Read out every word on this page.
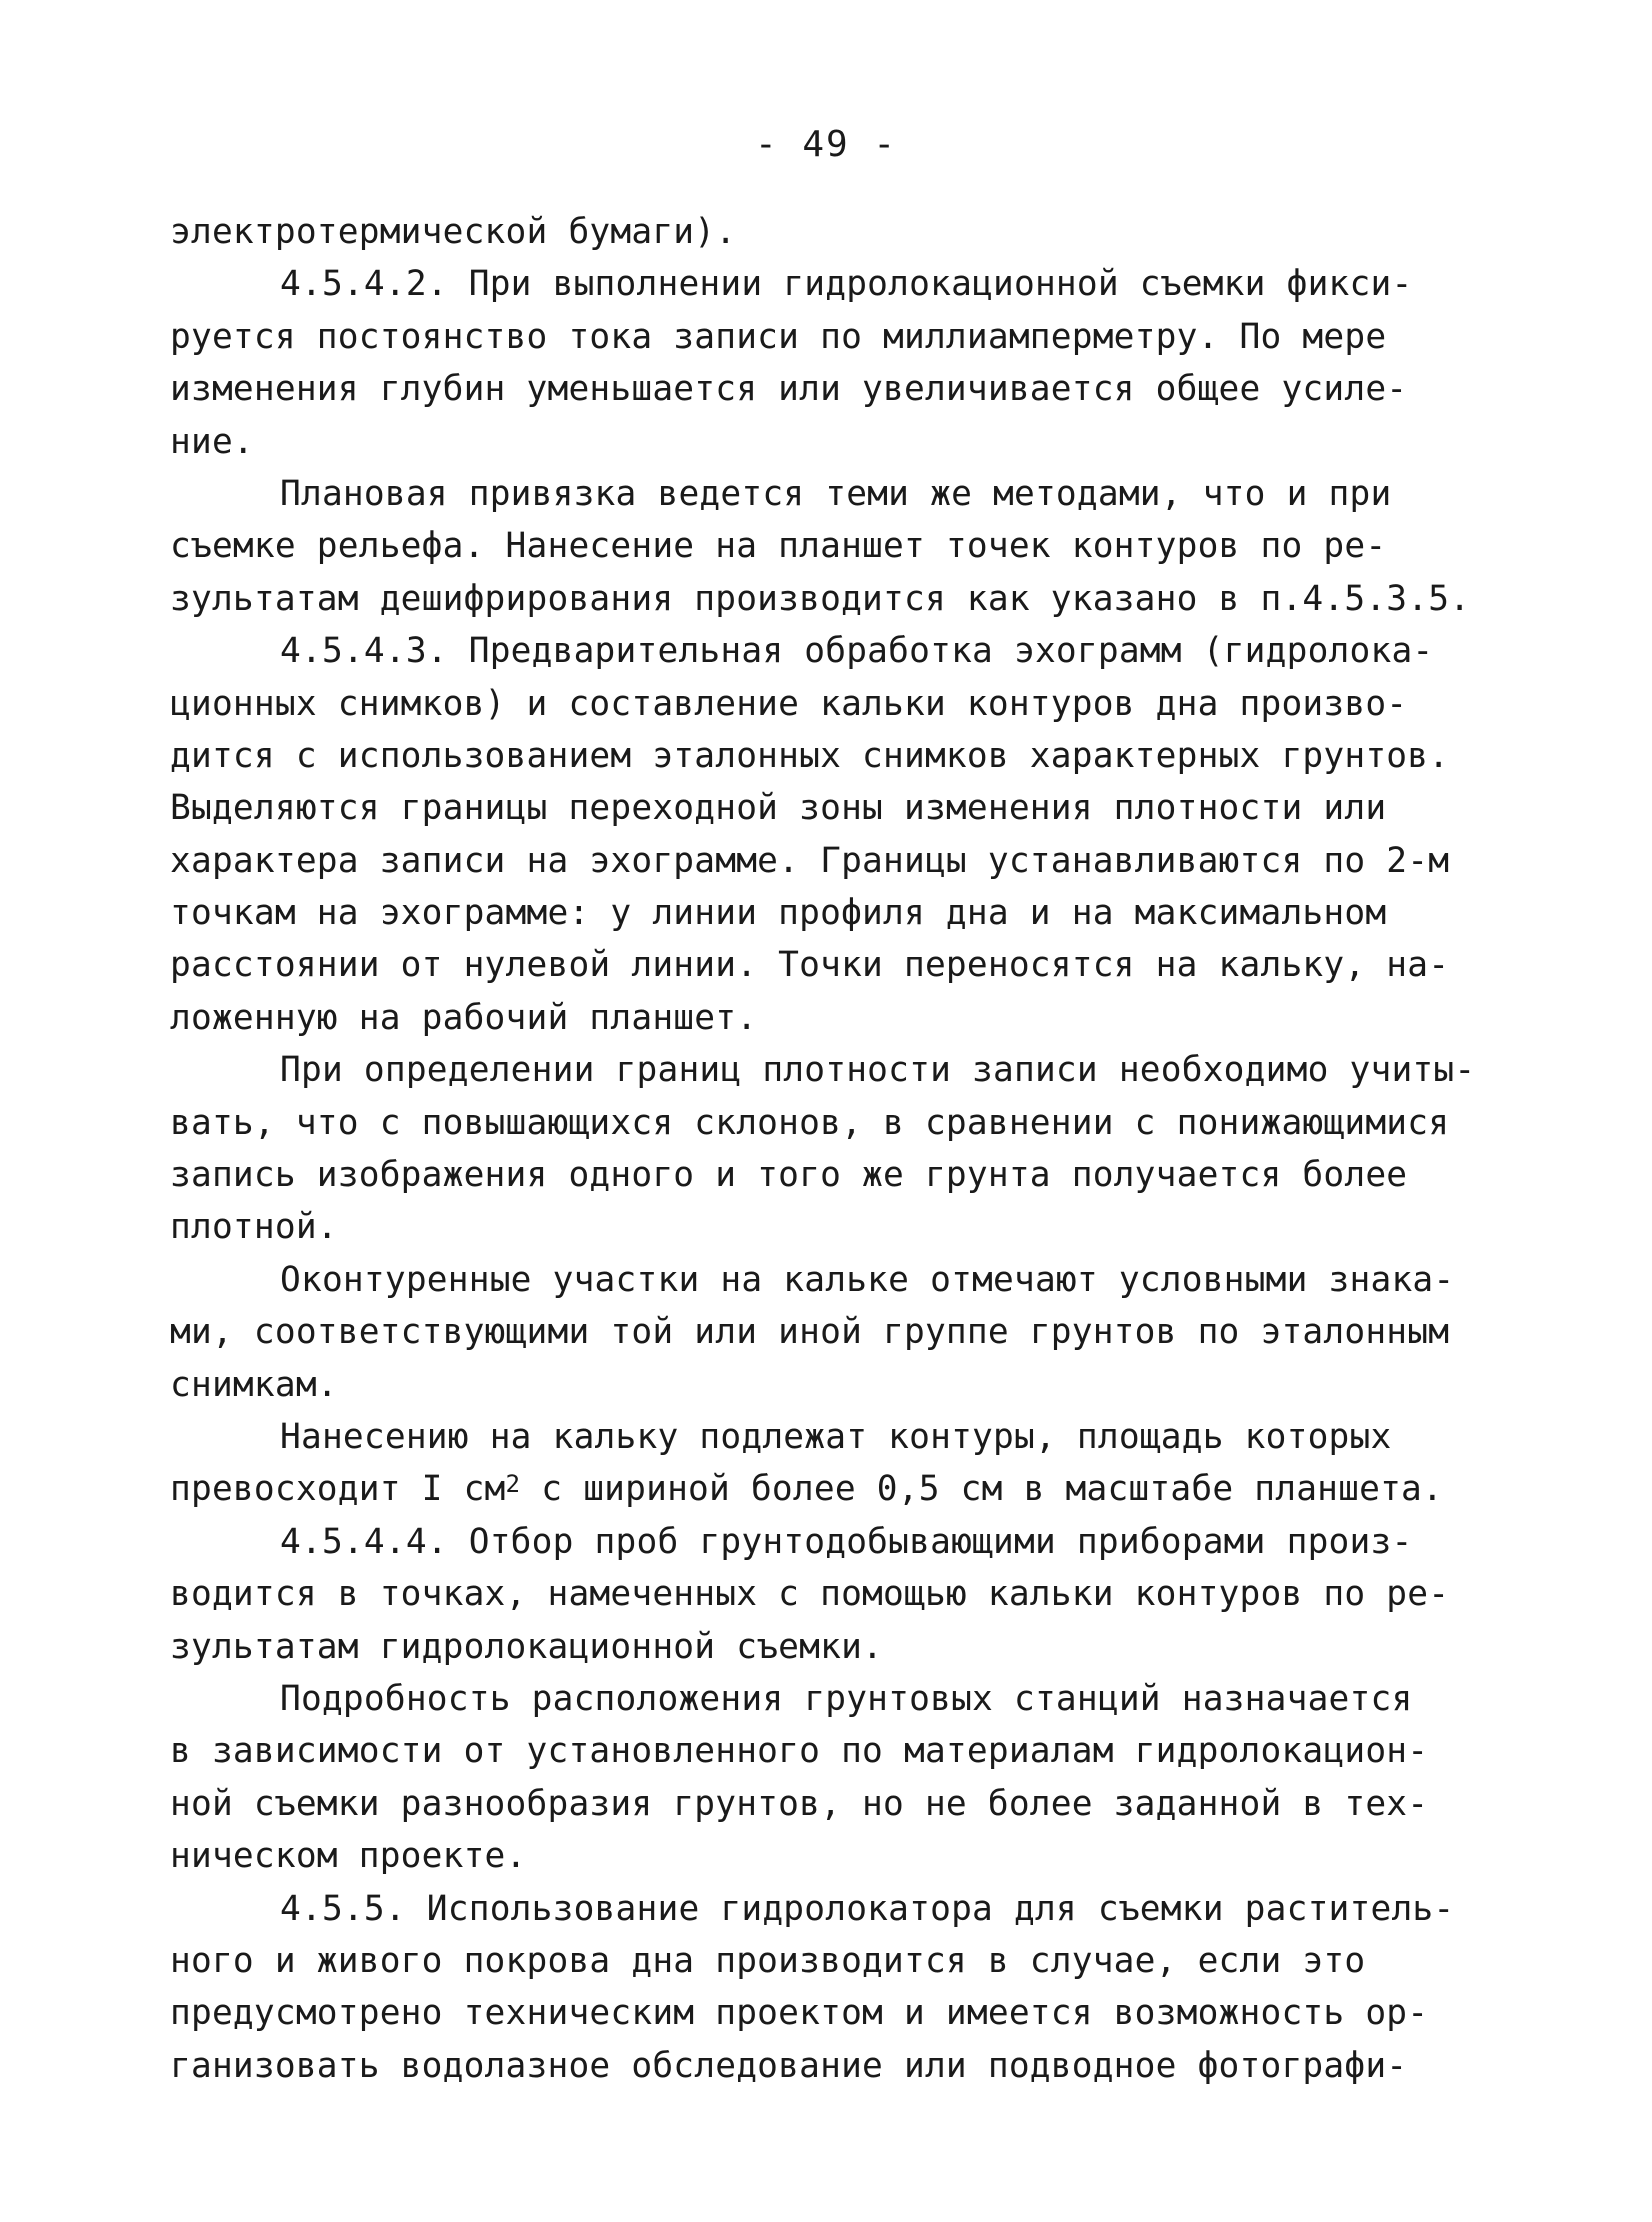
- 49 -
электротермической бумаги).
4.5.4.2. При выполнении гидролокационной съемки фикси-
руется постоянство тока записи по миллиамперметру. По мере
изменения глубин уменьшается или увеличивается общее усиле-
ние.
Плановая привязка ведется теми же методами, что и при
съемке рельефа. Нанесение на планшет точек контуров по ре-
зультатам дешифрирования производится как указано в п.4.5.3.5.
4.5.4.3. Предварительная обработка эхограмм (гидролока-
ционных снимков) и составление кальки контуров дна произво-
дится с использованием эталонных снимков характерных грунтов.
Выделяются границы переходной зоны изменения плотности или
характера записи на эхограмме. Границы устанавливаются по 2-м
точкам на эхограмме: у линии профиля дна и на максимальном
расстоянии от нулевой линии. Точки переносятся на кальку, на-
ложенную на рабочий планшет.
При определении границ плотности записи необходимо учиты-
вать, что с повышающихся склонов, в сравнении с понижающимися
запись изображения одного и того же грунта получается более
плотной.
Оконтуренные участки на кальке отмечают условными знака-
ми, соответствующими той или иной группе грунтов по эталонным
снимкам.
Нанесению на кальку подлежат контуры, площадь которых
превосходит I $см^2$ с шириной более 0,5 см в масштабе планшета.
4.5.4.4. Отбор проб грунтодобывающими приборами произ-
водится в точках, намеченных с помощью кальки контуров по ре-
зультатам гидролокационной съемки.
Подробность расположения грунтовых станций назначается
в зависимости от установленного по материалам гидролокацион-
ной съемки разнообразия грунтов, но не более заданной в тех-
ническом проекте.
4.5.5. Использование гидролокатора для съемки раститель-
ного и живого покрова дна производится в случае, если это
предусмотрено техническим проектом и имеется возможность ор-
ганизовать водолазное обследование или подводное фотографи-
